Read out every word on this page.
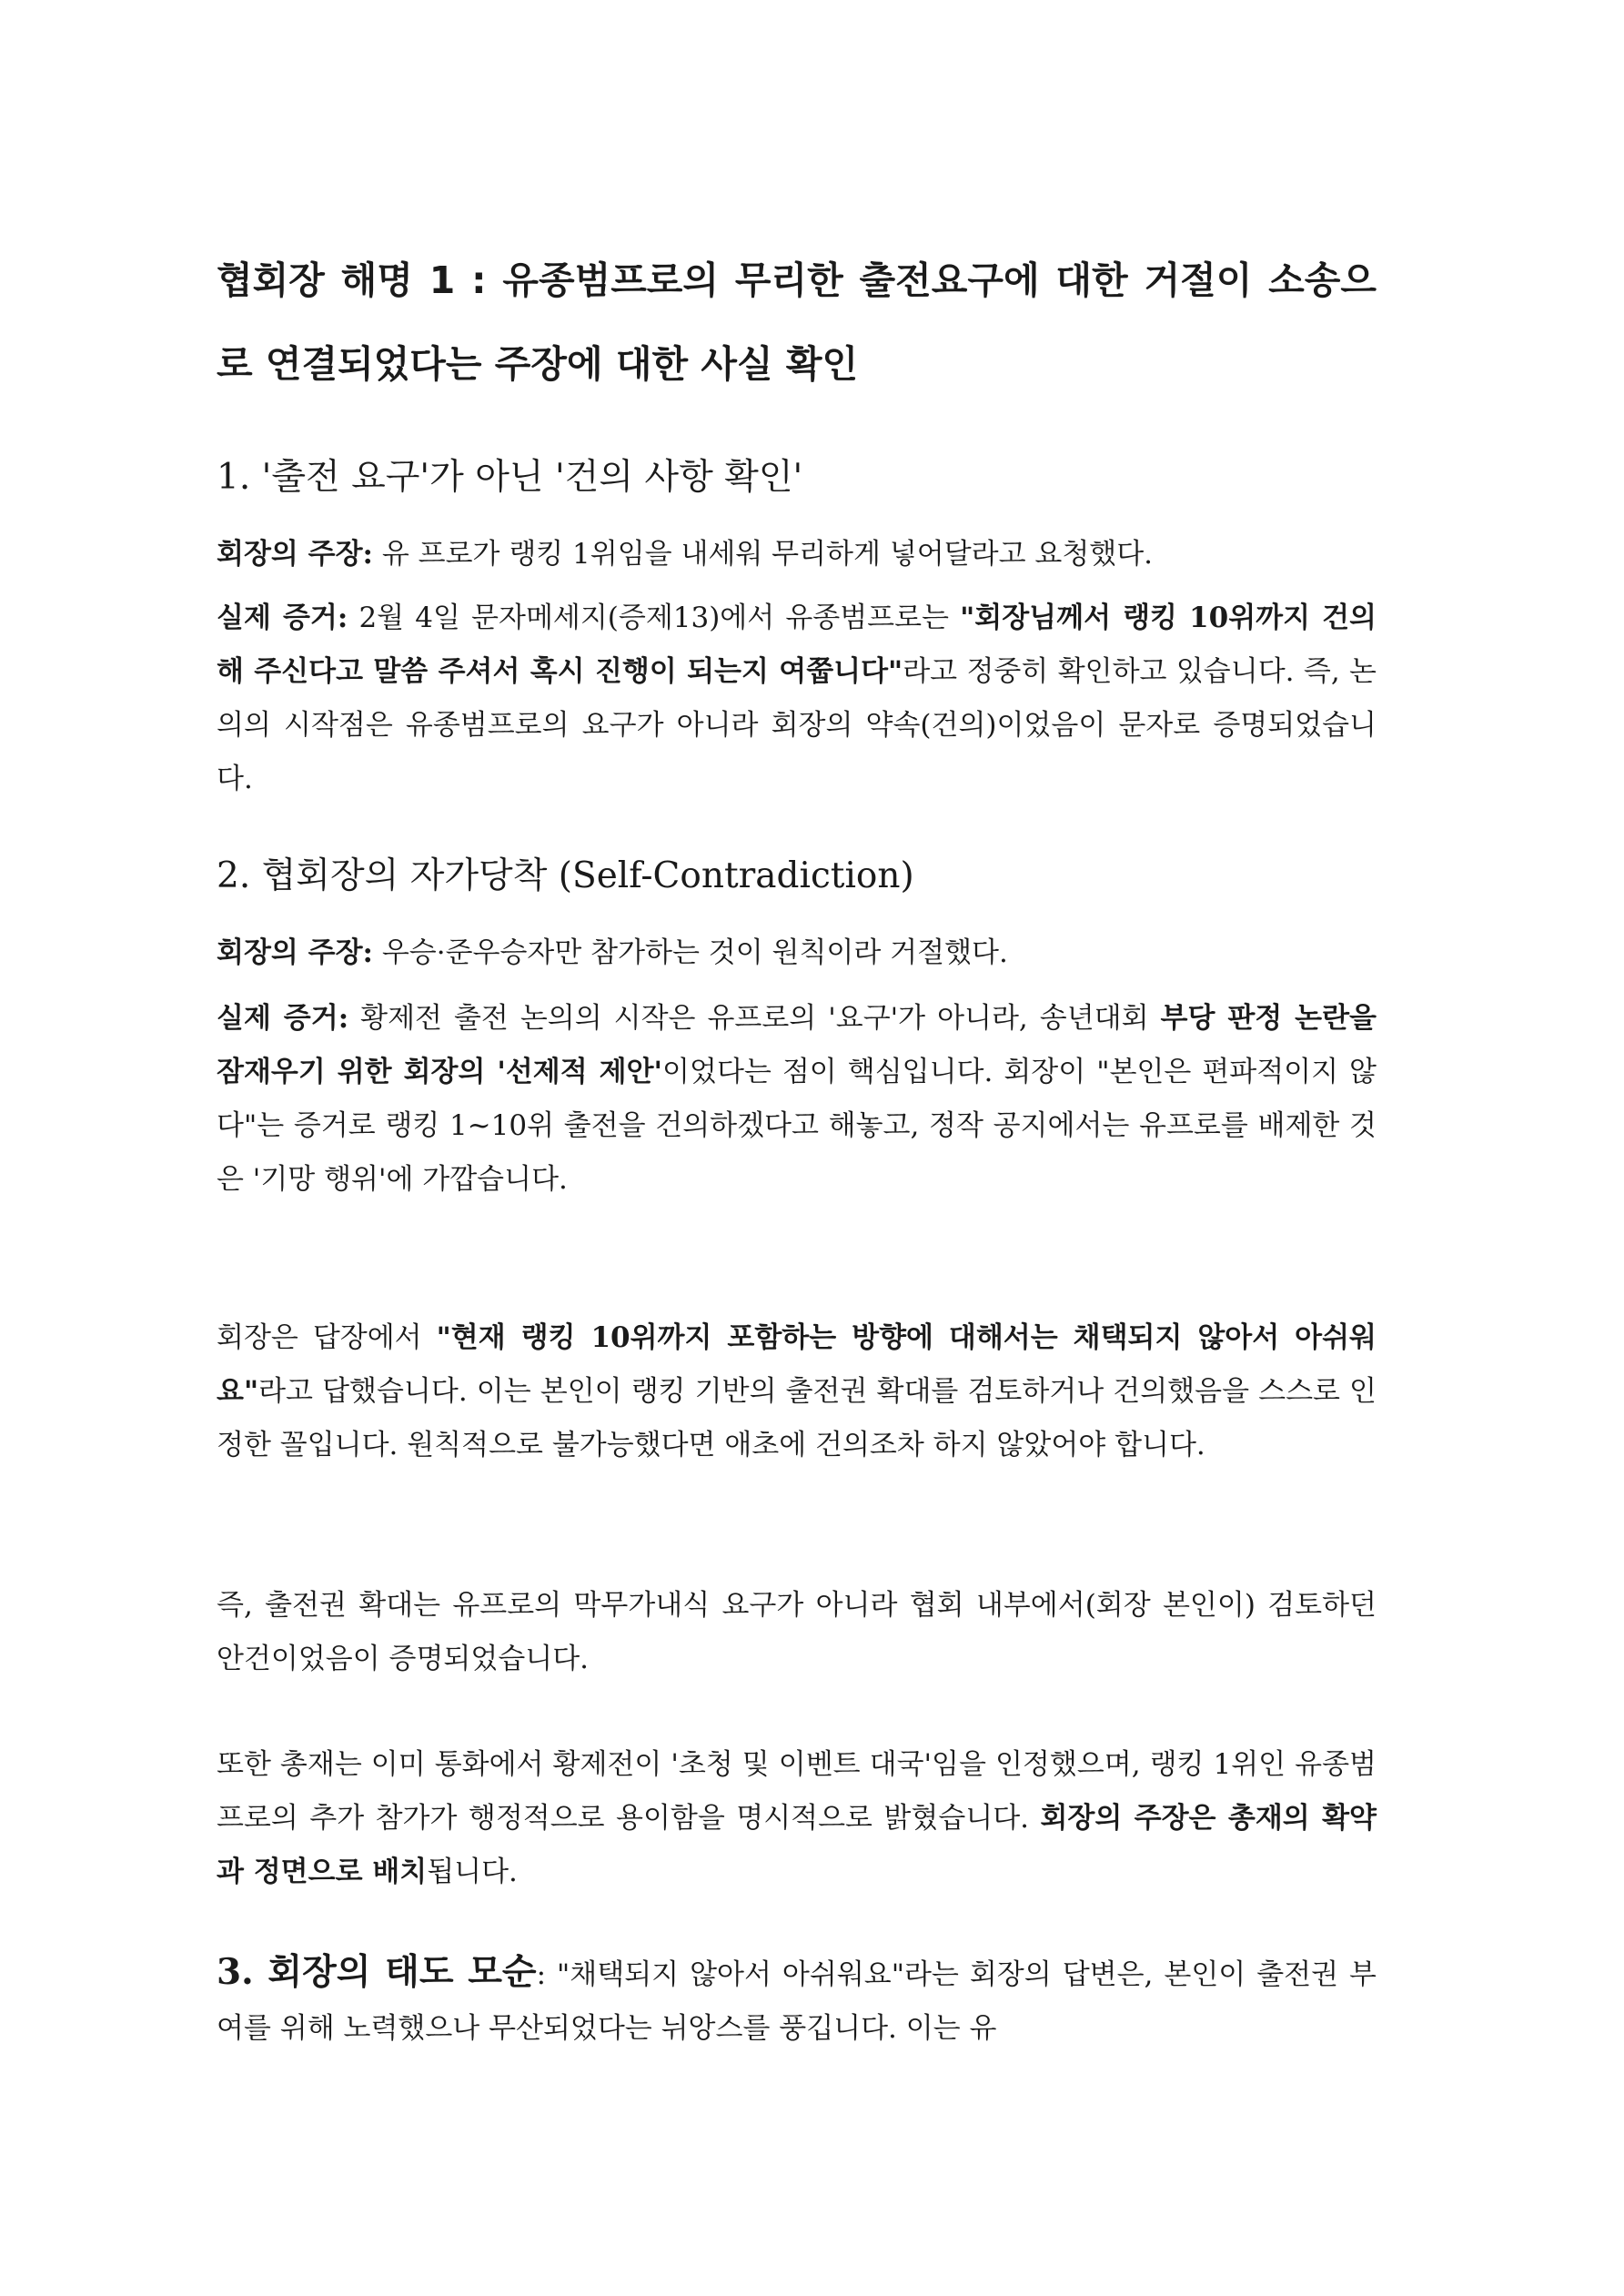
협회장 해명 1 : 유종범프로의 무리한 출전요구에 대한 거절이 소송으로 연결되었다는 주장에 대한 사실 확인
1. '출전 요구'가 아닌 '건의 사항 확인'

회장의 주장: 유 프로가 랭킹 1위임을 내세워 무리하게 넣어달라고 요청했다.

실제 증거: 2월 4일 문자메세지(증제13)에서 유종범프로는 "회장님께서 랭킹 10위까지 건의해 주신다고 말씀 주셔서 혹시 진행이 되는지 여쭙니다"라고 정중히 확인하고 있습니다. 즉, 논의의 시작점은 유종범프로의 요구가 아니라 회장의 약속(건의)이었음이 문자로 증명되었습니다.

2. 협회장의 자가당착 (Self-Contradiction)

회장의 주장: 우승·준우승자만 참가하는 것이 원칙이라 거절했다.

실제 증거: 황제전 출전 논의의 시작은 유프로의 '요구'가 아니라, 송년대회 부당 판정 논란을 잠재우기 위한 회장의 '선제적 제안'이었다는 점이 핵심입니다. 회장이 "본인은 편파적이지 않다"는 증거로 랭킹 1~10위 출전을 건의하겠다고 해놓고, 정작 공지에서는 유프로를 배제한 것은 '기망 행위'에 가깝습니다.

회장은 답장에서 "현재 랭킹 10위까지 포함하는 방향에 대해서는 채택되지 않아서 아쉬워요"라고 답했습니다. 이는 본인이 랭킹 기반의 출전권 확대를 검토하거나 건의했음을 스스로 인정한 꼴입니다. 원칙적으로 불가능했다면 애초에 건의조차 하지 않았어야 합니다.

즉, 출전권 확대는 유프로의 막무가내식 요구가 아니라 협회 내부에서(회장 본인이) 검토하던 안건이었음이 증명되었습니다.

또한 총재는 이미 통화에서 황제전이 '초청 및 이벤트 대국'임을 인정했으며, 랭킹 1위인 유종범프로의 추가 참가가 행정적으로 용이함을 명시적으로 밝혔습니다. 회장의 주장은 총재의 확약과 정면으로 배치됩니다.

3. 회장의 태도 모순: "채택되지 않아서 아쉬워요"라는 회장의 답변은, 본인이 출전권 부여를 위해 노력했으나 무산되었다는 뉘앙스를 풍깁니다. 이는 유
